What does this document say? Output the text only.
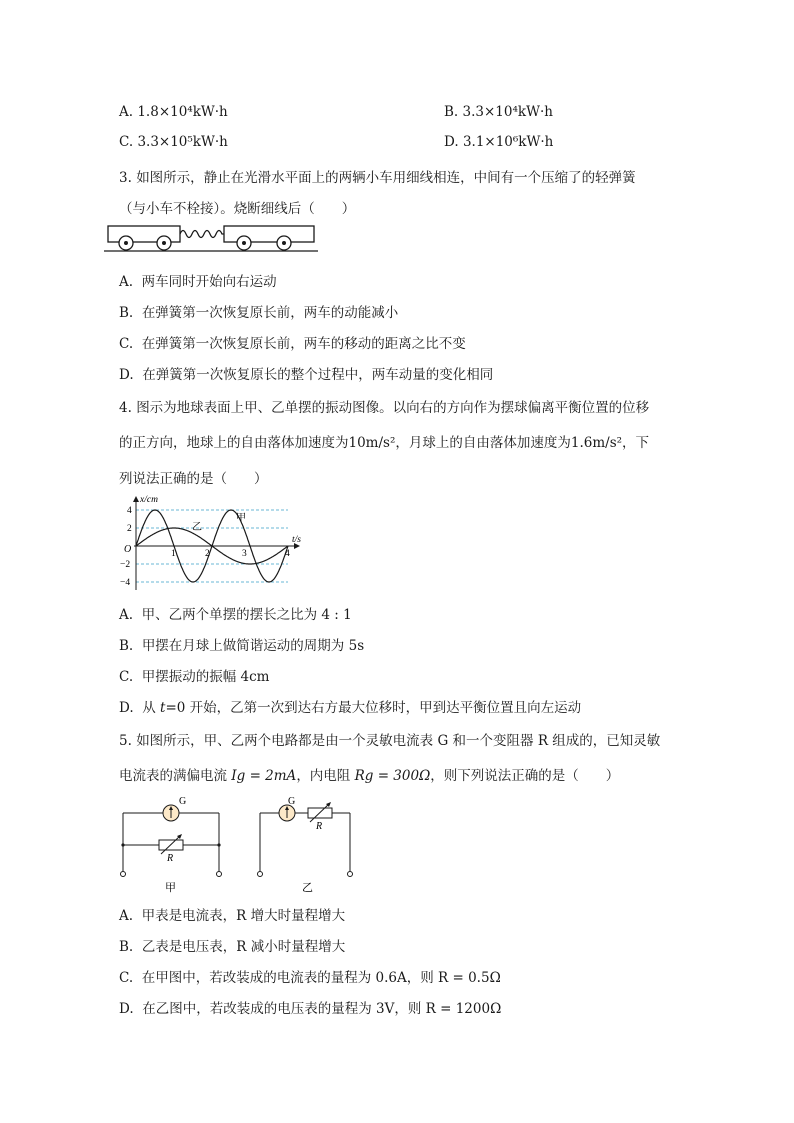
A. 1.8×10⁴kW·h	B. 3.3×10⁴kW·h
C. 3.3×10⁵kW·h	D. 3.1×10⁶kW·h
3. 如图所示，静止在光滑水平面上的两辆小车用细线相连，中间有一个压缩了的轻弹簧
（与小车不栓接）。烧断细线后（　　）
A. 两车同时开始向右运动
B. 在弹簧第一次恢复原长前，两车的动能减小
C. 在弹簧第一次恢复原长前，两车的移动的距离之比不变
D. 在弹簧第一次恢复原长的整个过程中，两车动量的变化相同
4. 图示为地球表面上甲、乙单摆的振动图像。以向右的方向作为摆球偏离平衡位置的位移
的正方向，地球上的自由落体加速度为10m/s²，月球上的自由落体加速度为1.6m/s²，下
列说法正确的是（　　）
x/cm
t/s
O	1	2	3	4
4
2
−2
−4
甲
乙
A. 甲、乙两个单摆的摆长之比为 4 : 1
B. 甲摆在月球上做简谐运动的周期为 5s
C. 甲摆振动的振幅 4cm
D. 从 t=0 开始，乙第一次到达右方最大位移时，甲到达平衡位置且向左运动
5. 如图所示，甲、乙两个电路都是由一个灵敏电流表 G 和一个变阻器 R 组成的，已知灵敏
电流表的满偏电流 Ig = 2mA，内电阻 Rg = 300Ω，则下列说法正确的是（　　）
G
R
甲
G
R
乙
A. 甲表是电流表，R 增大时量程增大
B. 乙表是电压表，R 减小时量程增大
C. 在甲图中，若改装成的电流表的量程为 0.6A，则 R = 0.5Ω
D. 在乙图中，若改装成的电压表的量程为 3V，则 R = 1200Ω
